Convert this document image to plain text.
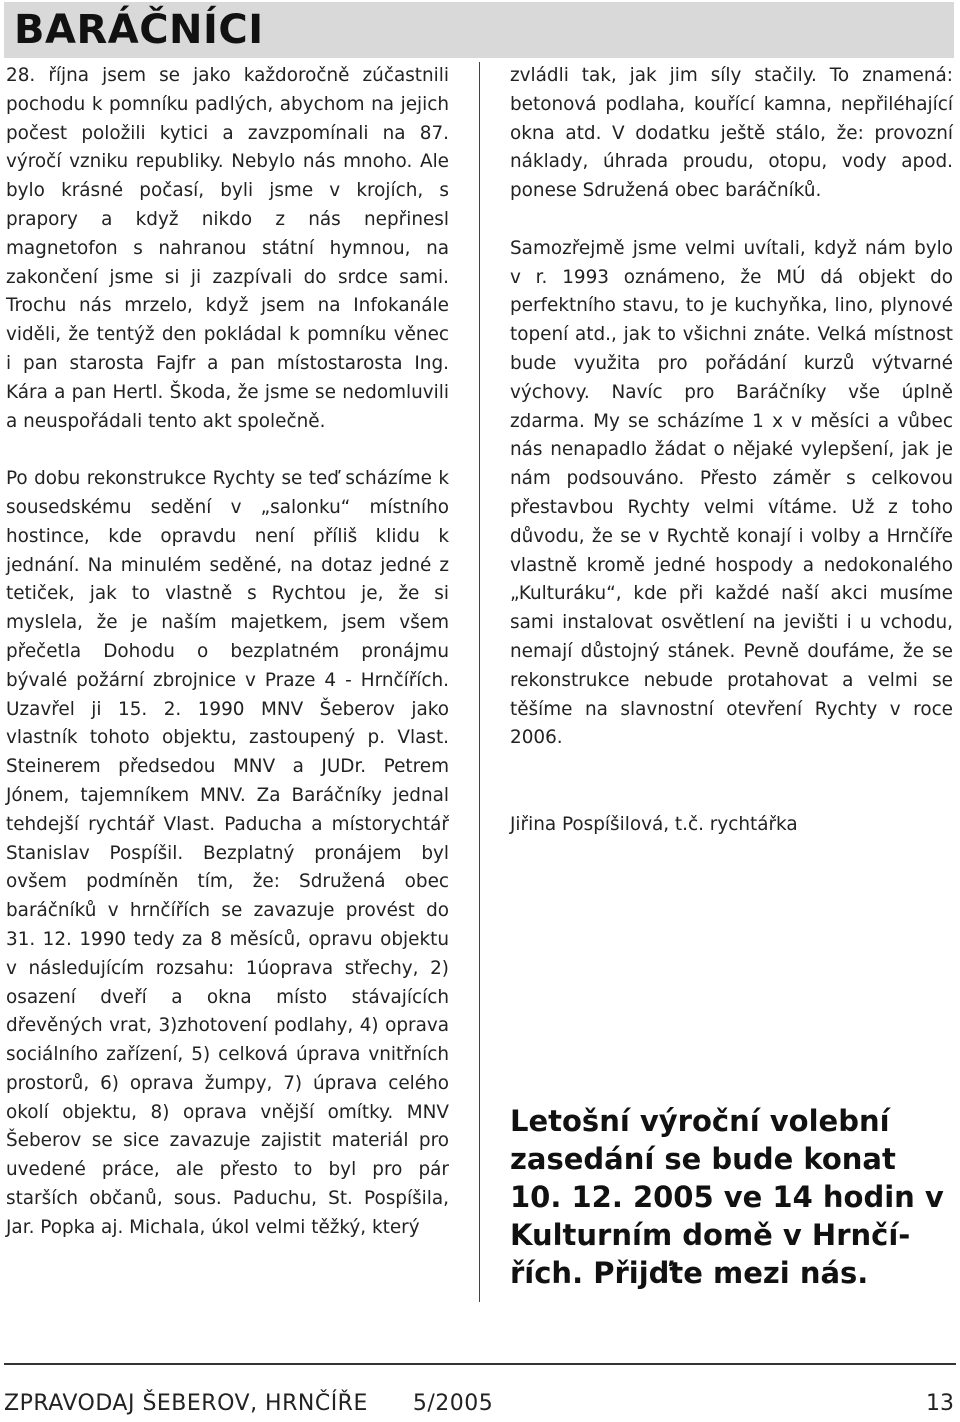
BARÁČNÍCI

28. října jsem se jako každoročně zúčastnili pochodu k pomníku padlých, abychom na jejich počest položili kytici a zavzpomínali na 87. výročí vzniku republiky. Nebylo nás mnoho. Ale bylo krásné počasí, byli jsme v krojích, s prapory a když nikdo z nás nepřinesl magnetofon s nahranou státní hymnou, na zakončení jsme si ji zazpívali do srdce sami. Trochu nás mrzelo, když jsem na Infokanále viděli, že tentýž den pokládal k pomníku věnec i pan starosta Fajfr a pan místostarosta Ing. Kára a pan Hertl. Škoda, že jsme se nedomluvili a neuspořádali tento akt společně.

Po dobu rekonstrukce Rychty se teď scházíme k sousedskému sedění v „salonku“ místního hostince, kde opravdu není příliš klidu k jednání. Na minulém seděné, na dotaz jedné z tetiček, jak to vlastně s Rychtou je, že si myslela, že je naším majetkem, jsem všem přečetla Dohodu o bezplatném pronájmu bývalé požární zbrojnice v Praze 4 - Hrnčířích. Uzavřel ji 15. 2. 1990 MNV Šeberov jako vlastník tohoto objektu, zastoupený p. Vlast. Steinerem předsedou MNV a JUDr. Petrem Jónem, tajemníkem MNV. Za Baráčníky jednal tehdejší rychtář Vlast. Paducha a místorychtář Stanislav Pospíšil. Bezplatný pronájem byl ovšem podmíněn tím, že: Sdružená obec baráčníků v hrnčířích se zavazuje provést do 31. 12. 1990 tedy za 8 měsíců, opravu objektu v následujícím rozsahu: 1úoprava střechy, 2) osazení dveří a okna místo stávajících dřevěných vrat, 3)zhotovení podlahy, 4) oprava sociálního zařízení, 5) celková úprava vnitřních prostorů, 6) oprava žumpy, 7) úprava celého okolí objektu, 8) oprava vnější omítky. MNV Šeberov se sice zavazuje zajistit materiál pro uvedené práce, ale přesto to byl pro pár starších občanů, sous. Paduchu, St. Pospíšila, Jar. Popka aj. Michala, úkol velmi těžký, který

zvládli tak, jak jim síly stačily. To znamená: betonová podlaha, kouřící kamna, nepřiléhající okna atd. V dodatku ještě stálo, že: provozní náklady, úhrada proudu, otopu, vody apod. ponese Sdružená obec baráčníků.

Samozřejmě jsme velmi uvítali, když nám bylo v r. 1993 oznámeno, že MÚ dá objekt do perfektního stavu, to je kuchyňka, lino, plynové topení atd., jak to všichni znáte. Velká místnost bude využita pro pořádání kurzů výtvarné výchovy. Navíc pro Baráčníky vše úplně zdarma. My se scházíme 1 x v měsíci a vůbec nás nenapadlo žádat o nějaké vylepšení, jak je nám podsouváno. Přesto záměr s celkovou přestavbou Rychty velmi vítáme. Už z toho důvodu, že se v Rychtě konají i volby a Hrnčíře vlastně kromě jedné hospody a nedokonalého „Kulturáku“, kde při každé naší akci musíme sami instalovat osvětlení na jevišti i u vchodu, nemají důstojný stánek. Pevně doufáme, že se rekonstrukce nebude protahovat a velmi se těšíme na slavnostní otevření Rychty v roce 2006.

Jiřina Pospíšilová, t.č. rychtářka

Letošní výroční volební zasedání se bude konat 10. 12. 2005 ve 14 hodin v Kulturním domě v Hrnčířích. Přijďte mezi nás.

ZPRAVODAJ ŠEBEROV, HRNČÍŘE 5/2005	13
